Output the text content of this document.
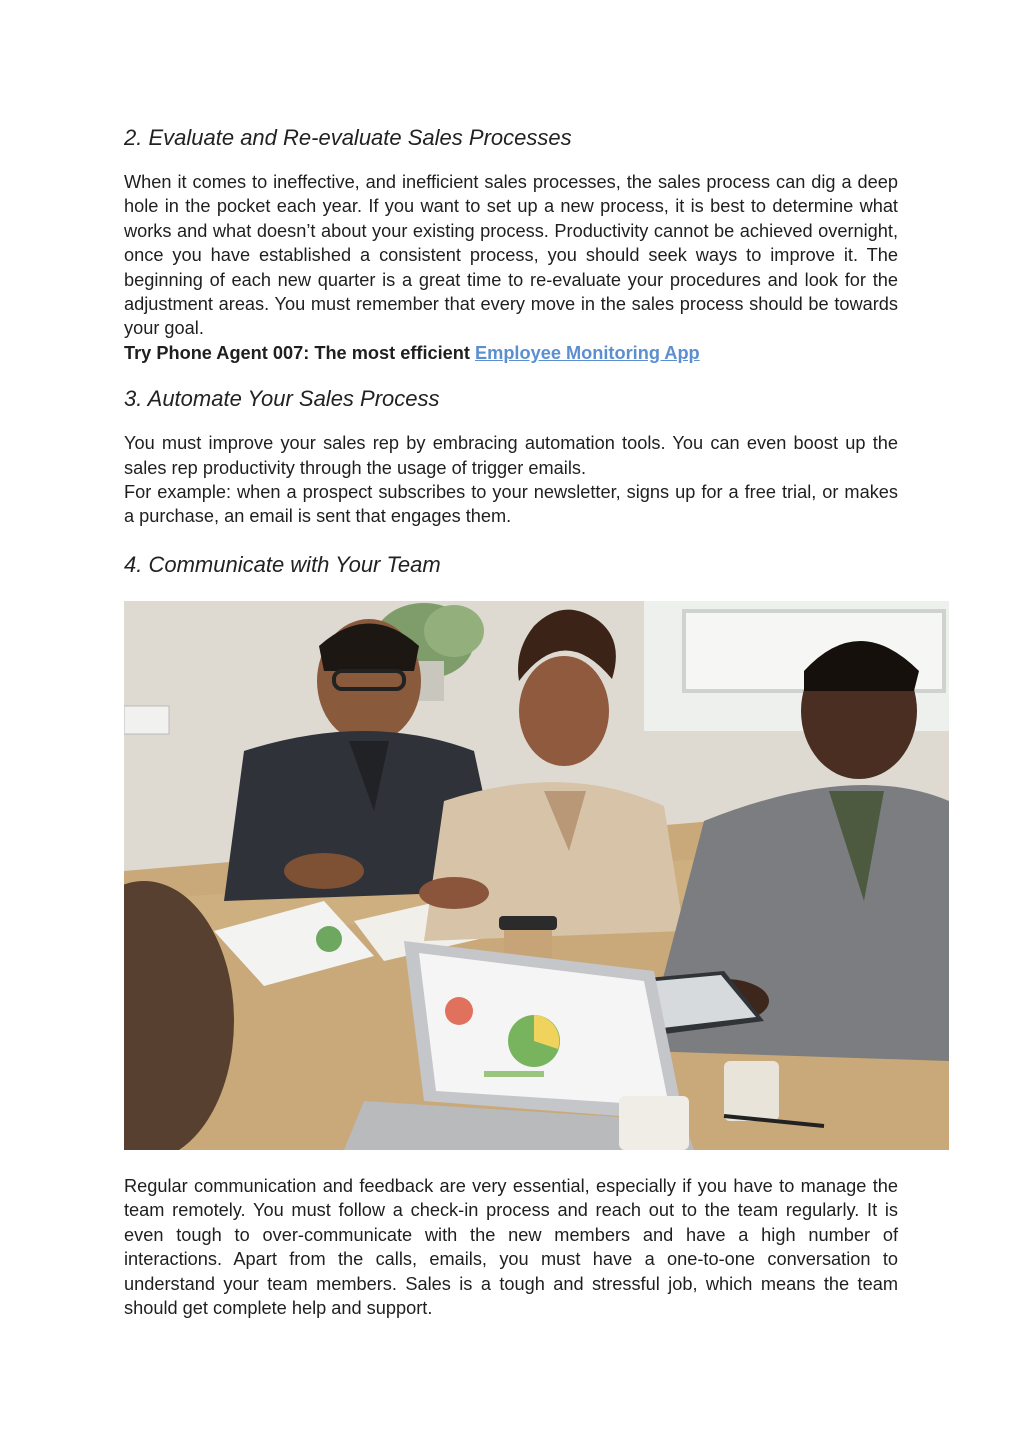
2. Evaluate and Re-evaluate Sales Processes

When it comes to ineffective, and inefficient sales processes, the sales process can dig a deep hole in the pocket each year. If you want to set up a new process, it is best to determine what works and what doesn’t about your existing process. Productivity cannot be achieved overnight, once you have established a consistent process, you should seek ways to improve it. The beginning of each new quarter is a great time to re-evaluate your procedures and look for the adjustment areas. You must remember that every move in the sales process should be towards your goal.

Try Phone Agent 007: The most efficient Employee Monitoring App
3. Automate Your Sales Process

You must improve your sales rep by embracing automation tools. You can even boost up the sales rep productivity through the usage of trigger emails.

For example: when a prospect subscribes to your newsletter, signs up for a free trial, or makes a purchase, an email is sent that engages them.

4. Communicate with Your Team

Regular communication and feedback are very essential, especially if you have to manage the team remotely. You must follow a check-in process and reach out to the team regularly. It is even tough to over-communicate with the new members and have a high number of interactions. Apart from the calls, emails, you must have a one-to-one conversation to understand your team members. Sales is a tough and stressful job, which means the team should get complete help and support.
